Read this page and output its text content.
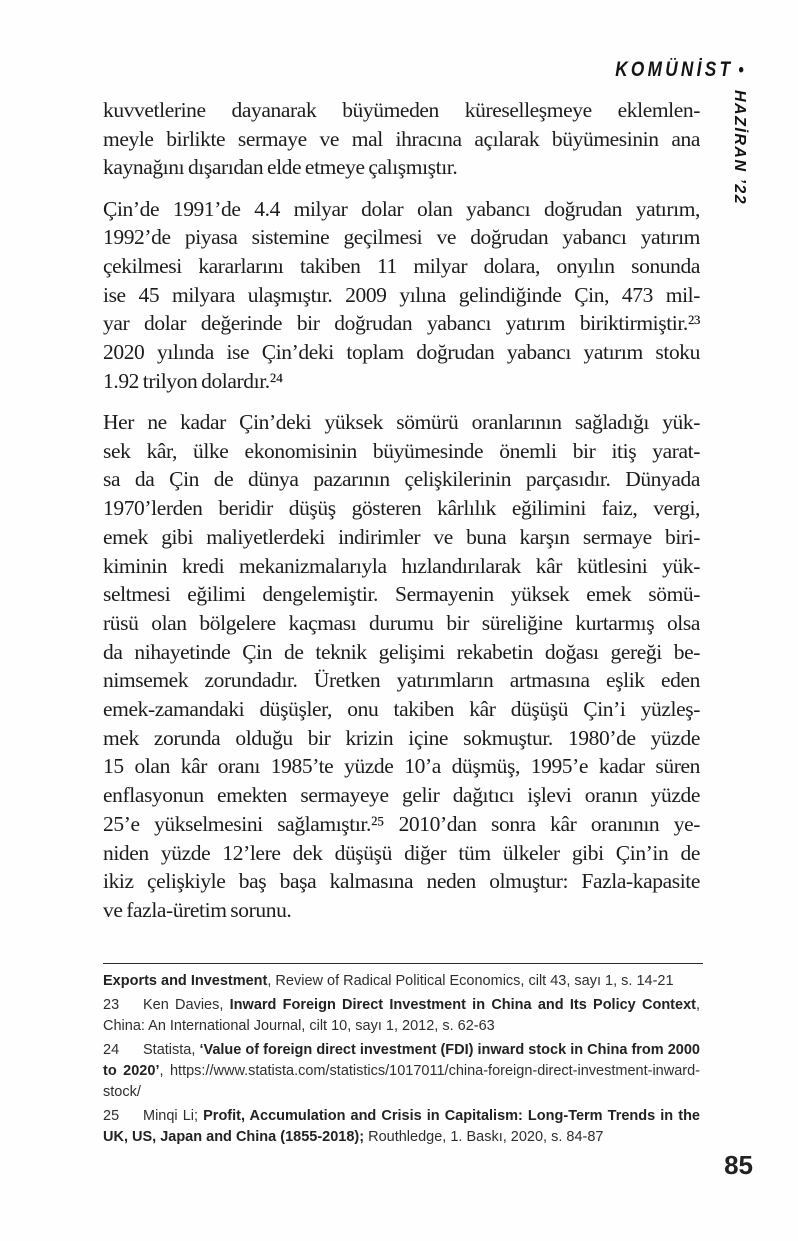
KOMÜNİST •
HAZİRAN ’22
kuvvetlerine dayanarak büyümeden küreselleşmeye eklemlen-
meyle birlikte sermaye ve mal ihracına açılarak büyümesinin ana
kaynağını dışarıdan elde etmeye çalışmıştır.
Çin’de 1991’de 4.4 milyar dolar olan yabancı doğrudan yatırım,
1992’de piyasa sistemine geçilmesi ve doğrudan yabancı yatırım
çekilmesi kararlarını takiben 11 milyar dolara, onyılın sonunda
ise 45 milyara ulaşmıştır. 2009 yılına gelindiğinde Çin, 473 mil-
yar dolar değerinde bir doğrudan yabancı yatırım biriktirmiştir.²³
2020 yılında ise Çin’deki toplam doğrudan yabancı yatırım stoku
1.92 trilyon dolardır.²⁴
Her ne kadar Çin’deki yüksek sömürü oranlarının sağladığı yük-
sek kâr, ülke ekonomisinin büyümesinde önemli bir itiş yarat-
sa da Çin de dünya pazarının çelişkilerinin parçasıdır. Dünyada
1970’lerden beridir düşüş gösteren kârlılık eğilimini faiz, vergi,
emek gibi maliyetlerdeki indirimler ve buna karşın sermaye biri-
kiminin kredi mekanizmalarıyla hızlandırılarak kâr kütlesini yük-
seltmesi eğilimi dengelemiştir. Sermayenin yüksek emek sömü-
rüsü olan bölgelere kaçması durumu bir süreliğine kurtarmış olsa
da nihayetinde Çin de teknik gelişimi rekabetin doğası gereği be-
nimsemek zorundadır. Üretken yatırımların artmasına eşlik eden
emek-zamandaki düşüşler, onu takiben kâr düşüşü Çin’i yüzleş-
mek zorunda olduğu bir krizin içine sokmuştur. 1980’de yüzde
15 olan kâr oranı 1985’te yüzde 10’a düşmüş, 1995’e kadar süren
enflasyonun emekten sermayeye gelir dağıtıcı işlevi oranın yüzde
25’e yükselmesini sağlamıştır.²⁵ 2010’dan sonra kâr oranının ye-
niden yüzde 12’lere dek düşüşü diğer tüm ülkeler gibi Çin’in de
ikiz çelişkiyle baş başa kalmasına neden olmuştur: Fazla-kapasite
ve fazla-üretim sorunu.

Exports and Investment, Review of Radical Political Economics, cilt 43, sayı 1, s. 14-21

23 Ken Davies, Inward Foreign Direct Investment in China and Its Policy Context, China: An International Journal, cilt 10, sayı 1, 2012, s. 62-63

24 Statista, ‘Value of foreign direct investment (FDI) inward stock in China from 2000 to 2020’, https://www.statista.com/statistics/1017011/china-foreign-direct-investment-inward-stock/

25 Minqi Li; Profit, Accumulation and Crisis in Capitalism: Long-Term Trends in the UK, US, Japan and China (1855-2018); Routhledge, 1. Baskı, 2020, s. 84-87

85
